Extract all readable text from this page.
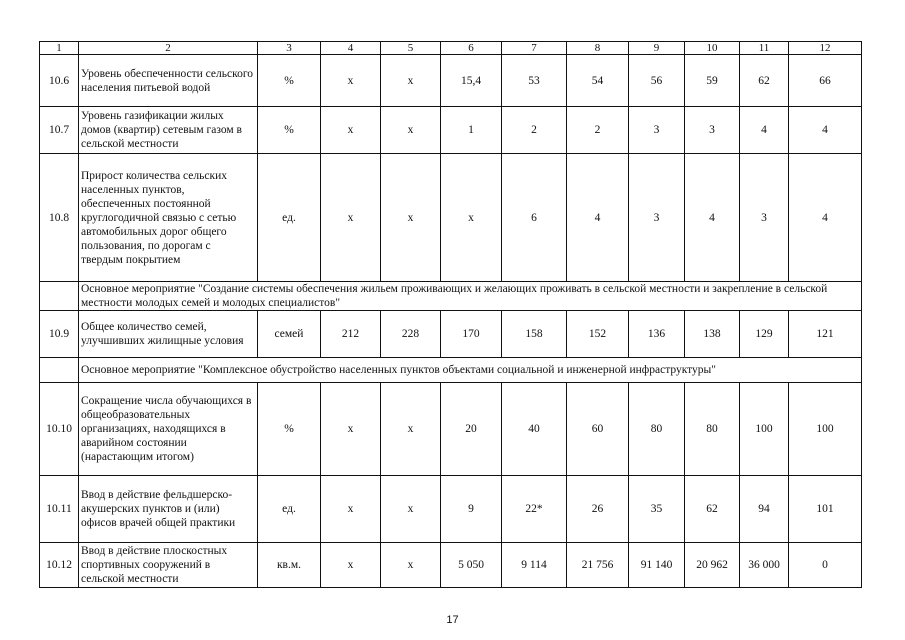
1	2	3	4	5	6	7	8	9	10	11	12
10.6	Уровень обеспеченности сельского населения питьевой водой	%	x	x	15,4	53	54	56	59	62	66
10.7	Уровень газификации жилых домов (квартир) сетевым газом в сельской местности	%	x	x	1	2	2	3	3	4	4
10.8	Прирост количества сельских населенных пунктов, обеспеченных постоянной круглогодичной связью с сетью автомобильных дорог общего пользования, по дорогам с твердым покрытием	ед.	x	x	x	6	4	3	4	3	4
	Основное мероприятие "Создание системы обеспечения жильем проживающих и желающих проживать в сельской местности и закрепление в сельской местности молодых семей и молодых специалистов"										
10.9	Общее количество семей, улучшивших жилищные условия	семей	212	228	170	158	152	136	138	129	121
	Основное мероприятие "Комплексное обустройство населенных пунктов объектами социальной и инженерной инфраструктуры"										
10.10	Сокращение числа обучающихся в общеобразовательных организациях, находящихся в аварийном состоянии (нарастающим итогом)	%	x	x	20	40	60	80	80	100	100
10.11	Ввод в действие фельдшерско-акушерских пунктов и (или) офисов врачей общей практики	ед.	x	x	9	22*	26	35	62	94	101
10.12	Ввод в действие плоскостных спортивных сооружений в сельской местности	кв.м.	x	x	5 050	9 114	21 756	91 140	20 962	36 000	0
17
